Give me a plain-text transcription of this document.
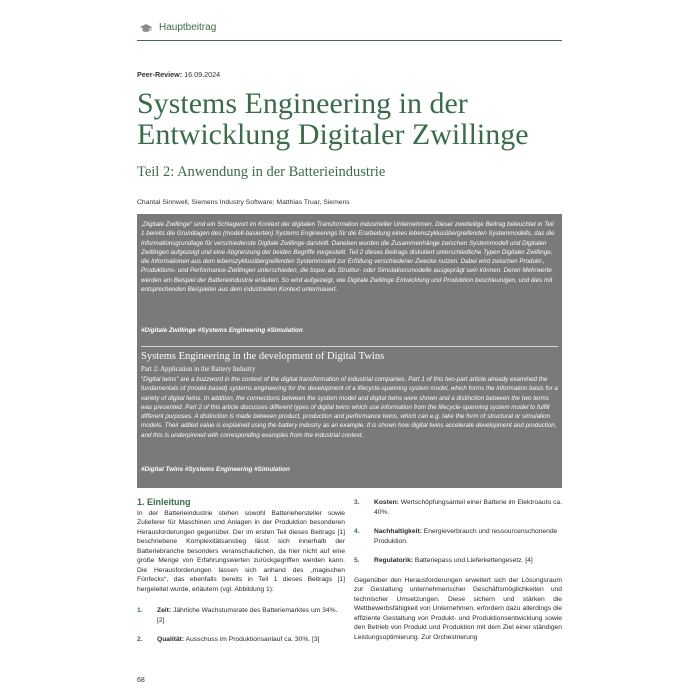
Hauptbeitrag
Peer-Review: 16.09.2024
Systems Engineering in der
Entwicklung Digitaler Zwillinge
Teil 2: Anwendung in der Batterieindustrie
Chantal Sinnwell, Siemens Industry Software; Matthias Truar, Siemens
„Digitale Zwillinge“ sind ein Schlagwort im Kontext der digitalen Transformation industrieller Unternehmen. Dieser zweiteilige Beitrag beleuchtet in Teil 1 bereits die Grundlagen des (modell-basierten) Systems Engineerings für die Erarbeitung eines lebenszyklusübergreifenden Systemmodells, das die Informationsgrundlage für verschiedenste Digitale Zwillinge darstellt. Daneben wurden die Zusammenhänge zwischen Systemmodell und Digitalen Zwillingen aufgezeigt und eine Abgrenzung der beiden Begriffe vorgestellt. Teil 2 dieses Beitrags diskutiert unterschiedliche Typen Digitaler Zwillinge, die Informationen aus dem lebenszyklusübergreifenden Systemmodell zur Erfüllung verschiedener Zwecke nutzen. Dabei wird zwischen Produkt-, Produktions- und Performance-Zwillingen unterschieden, die bspw. als Struktur- oder Simulationsmodelle ausgeprägt sein können. Deren Mehrwerte werden am Beispiel der Batterieindustrie erläutert. So wird aufgezeigt, wie Digitale Zwillinge Entwicklung und Produktion beschleunigen, und dies mit entsprechenden Beispielen aus dem industriellen Kontext untermauert.
#Digitale Zwillinge #Systems Engineering #Simulation
Systems Engineering in the development of Digital Twins
Part 2: Application in the Battery Industry
“Digital twins” are a buzzword in the context of the digital transformation of industrial companies. Part 1 of this two-part article already examined the fundamentals of (model-based) systems engineering for the development of a lifecycle-spanning system model, which forms the information basis for a variety of digital twins. In addition, the connections between the system model and digital twins were shown and a distinction between the two terms was presented. Part 2 of this article discusses different types of digital twins which use information from the lifecycle-spanning system model to fulfill different purposes. A distinction is made between product, production and performance twins, which can e.g. take the form of structural or simulation models. Their added value is explained using the battery industry as an example. It is shown how digital twins accelerate development and production, and this is underpinned with corresponding examples from the industrial context.
#Digital Twins #Systems Engineering #Simulation
1. Einleitung

In der Batterieindustrie stehen sowohl Batteriehersteller sowie Zulieferer für Maschinen und Anlagen in der Produktion besonderen Herausforderungen gegenüber. Der im ersten Teil dieses Beitrags [1] beschriebene Komplexitätsanstieg lässt sich innerhalb der Batteriebranche besonders veranschaulichen, da hier nicht auf eine große Menge von Erfahrungswerten zurückgegriffen werden kann. Die Herausforderungen lassen sich anhand des „magischen Fünfecks“, das ebenfalls bereits in Teil 1 dieses Beitrags [1] hergeleitet wurde, erläutern (vgl. Abbildung 1):

1. Zeit: Jährliche Wachstumsrate des Batteriemarktes um 34%. [2]
2. Qualität: Ausschuss im Produktionsanlauf ca. 30%. [3]
3. Kosten: Wertschöpfungsanteil einer Batterie im Elektroauto ca. 40%.
4. Nachhaltigkeit: Energieverbrauch und ressourcenschonende Produktion.
5. Regulatorik: Batteriepass und Lieferkettengesetz. [4]

Gegenüber den Herausforderungen erweitert sich der Lösungsraum zur Gestaltung unternehmerischer Geschäftsmöglichkeiten und technischer Umsetzungen. Diese sichern und stärken die Wettbewerbsfähigkeit von Unternehmen, erfordern dazu allerdings die effiziente Gestaltung von Produkt- und Produktionsentwicklung sowie den Betrieb von Produkt und Produktion mit dem Ziel einer ständigen Leistungsoptimierung. Zur Orchestrierung

68
